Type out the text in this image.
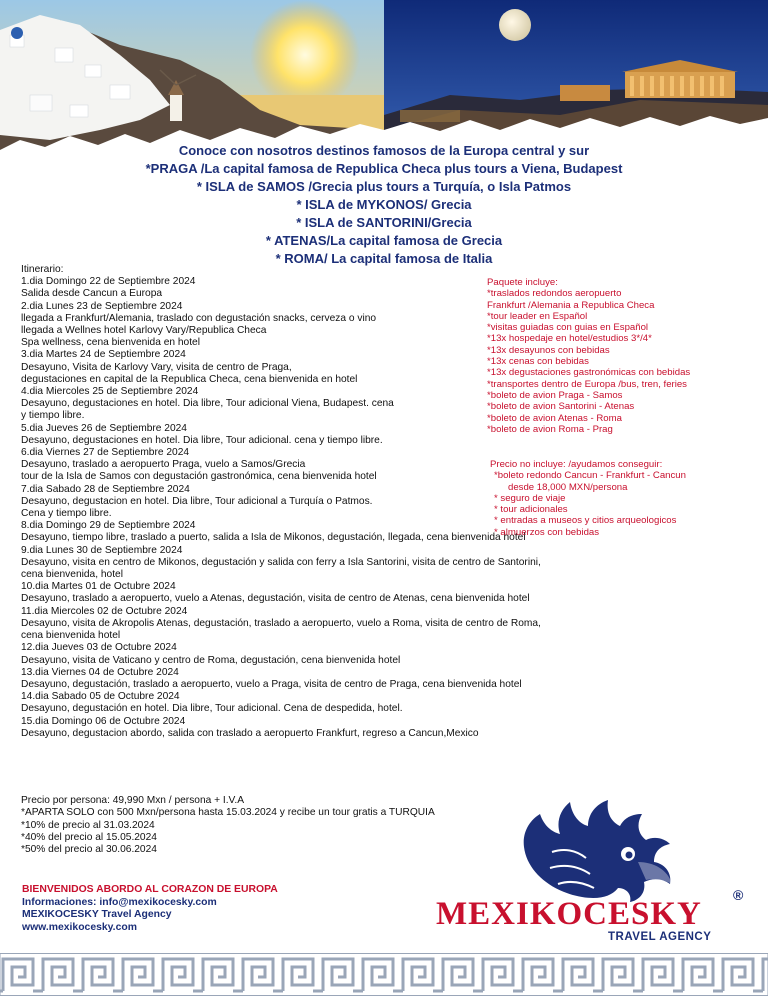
Conoce con nosotros destinos famosos de la Europa central y sur

*PRAGA /La capital famosa de Republica Checa plus tours a Viena, Budapest

* ISLA de SAMOS /Grecia plus tours a Turquía, o Isla Patmos

* ISLA de MYKONOS/ Grecia

* ISLA de SANTORINI/Grecia

* ATENAS/La capital famosa de Grecia

* ROMA/ La capital famosa de Italia

Itinerario:
1.dia Domingo 22 de Septiembre 2024
Salida desde Cancun a Europa
2.dia Lunes 23 de Septiembre 2024
llegada a Frankfurt/Alemania, traslado con degustación snacks, cerveza o vino
llegada a Wellnes hotel Karlovy Vary/Republica Checa
Spa wellness, cena bienvenida en hotel
3.dia Martes 24 de Septiembre 2024
Desayuno, Visita de Karlovy Vary, visita de centro de Praga,
degustaciones en capital de la Republica Checa, cena bienvenida en hotel
4.dia Miercoles 25 de Septiembre 2024
Desayuno, degustaciones en hotel. Dia libre, Tour adicional Viena, Budapest. cena
y tiempo libre.
5.dia Jueves 26 de Septiembre 2024
Desayuno, degustaciones en hotel. Dia libre, Tour adicional. cena y tiempo libre.
6.dia Viernes 27 de Septiembre 2024
Desayuno, traslado a aeropuerto Praga, vuelo a Samos/Grecia
tour de la Isla de Samos con degustación gastronómica, cena bienvenida hotel
7.dia Sabado 28 de Septiembre 2024
Desayuno, degustacion en hotel. Dia libre, Tour adicional a Turquía o Patmos.
Cena y tiempo libre.
8.dia Domingo 29 de Septiembre 2024
Desayuno, tiempo libre, traslado a puerto, salida a Isla de Mikonos, degustación, llegada, cena bienvenida hotel
9.dia Lunes 30 de Septiembre 2024
Desayuno, visita en centro de Mikonos, degustación y salida con ferry a Isla Santorini, visita de centro de Santorini,
cena bienvenida, hotel
10.dia Martes 01 de Octubre 2024
Desayuno, traslado a aeropuerto, vuelo a Atenas, degustación, visita de centro de Atenas, cena bienvenida hotel
11.dia Miercoles 02 de Octubre 2024
Desayuno, visita de Akropolis Atenas, degustación, traslado a aeropuerto, vuelo a Roma, visita de centro de Roma,
cena bienvenida hotel
12.dia Jueves 03 de Octubre 2024
Desayuno, visita de Vaticano y centro de Roma, degustación, cena bienvenida hotel
13.dia Viernes 04 de Octubre 2024
Desayuno, degustación, traslado a aeropuerto, vuelo a Praga, visita de centro de Praga, cena bienvenida hotel
14.dia Sabado 05 de Octubre 2024
Desayuno, degustación en hotel. Dia libre, Tour adicional. Cena de despedida, hotel.
15.dia Domingo 06 de Octubre 2024
Desayuno, degustacion abordo, salida con traslado a aeropuerto Frankfurt, regreso a Cancun,Mexico
Paquete incluye:
*traslados redondos aeropuerto
Frankfurt /Alemania a Republica Checa
*tour leader en Español
*visitas guiadas con guias en Español
*13x hospedaje en hotel/estudios 3*/4*
*13x desayunos con bebidas
*13x cenas con bebidas
*13x degustaciones gastronómicas con bebidas
*transportes dentro de Europa /bus, tren, feries
*boleto de avion Praga - Samos
*boleto de avion Santorini - Atenas
*boleto de avion Atenas - Roma
*boleto de avion Roma - Prag
Precio no incluye: /ayudamos conseguir:
*boleto redondo Cancun - Frankfurt - Cancun
desde 18,000 MXN/persona
* seguro de viaje
* tour adicionales
* entradas a museos y citios arqueologicos
* almuerzos con bebidas
Precio por persona: 49,990 Mxn / persona + I.V.A
*APARTA SOLO con 500 Mxn/persona hasta 15.03.2024 y recibe un tour gratis a TURQUIA
*10% de precio al 31.03.2024
*40% del precio al 15.05.2024
*50% del precio al 30.06.2024
BIENVENIDOS ABORDO AL CORAZON DE EUROPA
Informaciones: info@mexikocesky.com
MEXIKOCESKY Travel Agency
www.mexikocesky.com	MEXIKOCESKY
®
TRAVEL AGENCY
